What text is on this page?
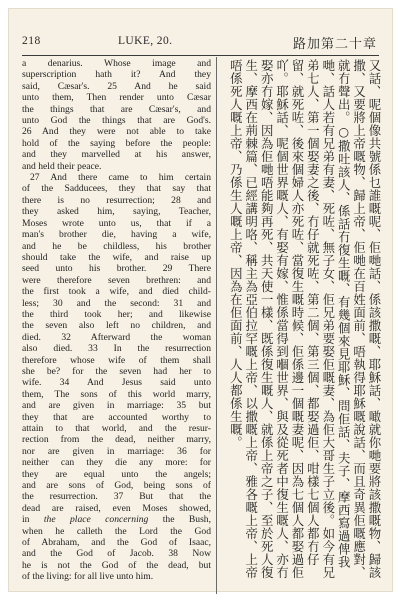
218	LUKE, 20.	路加第二十章
a denarius. Whose image and
superscription hath it? And they
said, Cæsar's. 25 And he said
unto them, Then render unto Cæsar
the things that are Cæsar's, and
unto God the things that are God's.
26 And they were not able to take
hold of the saying before the people:
and they marvelled at his answer,
and held their peace.
27 And there came to him certain
of the Sadducees, they that say that
there is no resurrection; 28 and
they asked him, saying, Teacher,
Moses wrote unto us, that if a
man's brother die, having a wife,
and he be childless, his brother
should take the wife, and raise up
seed unto his brother. 29 There
were therefore seven brethren: and
the first took a wife, and died child-
less; 30 and the second: 31 and
the third took her; and likewise
the seven also left no children, and
died. 32 Afterward the woman
also died. 33 In the resurrection
therefore whose wife of them shall
she be? for the seven had her to
wife. 34 And Jesus said unto
them, The sons of this world marry,
and are given in marriage: 35 but
they that are accounted worthy to
attain to that world, and the resur-
rection from the dead, neither marry,
nor are given in marriage: 36 for
neither can they die any more: for
they are equal unto the angels;
and are sons of God, being sons of
the resurrection. 37 But that the
dead are raised, even Moses showed,
in the place concerning the Bush,
when he calleth the Lord the God
of Abraham, and the God of Isaac,
and the God of Jacob. 38 Now
he is not the God of the dead, but
of the living: for all live unto him.	又話、呢個像共號係乜誰嘅呢、佢哋話、係該撒嘅、耶穌話、噉就你哋要將該撒嘅物、歸該撒、又要將上帝嘅物、歸上帝、佢哋在百姓面前、唔執得耶穌嘅說話、而且奇異佢嘅應對、就冇聲出。○撒吐該人、係話冇復生嘅、有幾個來見耶穌、問佢話、夫子、摩西寫過俾我哋、話人若有兄弟有妻、死咗、無子女、佢兄弟要娶佢嘅妻、為佢大哥生子立後。如今有兄弟七人、第一個娶妻之後、冇仔就死咗、第二個、第三個、都娶過佢、咁樣七個人都冇仔留、就死咗、後來個婦人亦死咗、當復生嘅時候、佢係邊一個嘅妻呢、因為七個人都娶過佢吖。耶穌話、呢個世界嘅人、有娶有嫁、惟係當得到嗰世界、與及從死者中復生嘅人、亦冇娶亦冇嫁、因為佢哋唔能夠再死、共天使一樣、既係復生嘅人、就係上帝之子、至於死人復生、摩西在荊棘篇、已經講明咯、稱主為亞伯拉罕嘅上帝、以撒嘅上帝、雅各嘅上帝、上帝唔係死人嘅上帝、乃係生人嘅上帝、因為在佢面前、人人都係生嘅。
